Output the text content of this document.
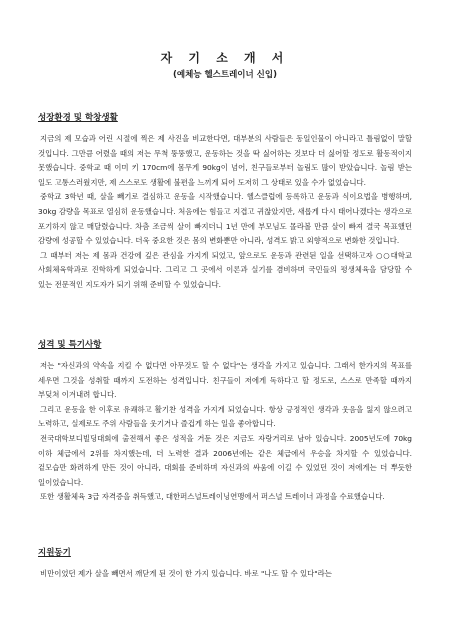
자 기 소 개 서
(예체능 헬스트레이너 신입)
성장환경 및 학창생활

지금의 제 모습과 어린 시절에 찍은 제 사진을 비교한다면, 대부분의 사람들은 동일인물이 아니라고 틀림없이 말할 것입니다. 그만큼 어렸을 때의 저는 무척 뚱뚱했고, 운동하는 것을 딱 싫어하는 것보다 더 싫어할 정도로 활동적이지 못했습니다. 중학교 때 이미 키 170cm에 몸무게 90kg이 넘어, 친구들로부터 놀림도 많이 받았습니다. 놀림 받는 일도 고통스러웠지만, 제 스스로도 생활에 불편을 느끼게 되어 도저히 그 상태로 있을 수가 없었습니다.

중학교 3학년 때, 살을 빼기로 결심하고 운동을 시작했습니다. 헬스클럽에 등록하고 운동과 식이요법을 병행하며, 30kg 감량을 목표로 열심히 운동했습니다. 처음에는 힘들고 지겹고 귀찮았지만, 새롭게 다시 태어나겠다는 생각으로 포기하지 않고 매달렸습니다. 차츰 조금씩 살이 빠지더니 1년 만에 부모님도 몰라볼 만큼 살이 빠져 결국 목표했던 감량에 성공할 수 있었습니다. 더욱 중요한 것은 몸의 변화뿐만 아니라, 성격도 밝고 외향적으로 변화한 것입니다.

그 때부터 저는 제 몸과 건강에 깊은 관심을 가지게 되었고, 앞으로도 운동과 관련된 일을 선택하고자 ○○대학교 사회체육학과로 진학하게 되었습니다. 그리고 그 곳에서 이론과 실기를 겸비하며 국민들의 평생체육을 담당할 수 있는 전문적인 지도자가 되기 위해 준비할 수 있었습니다.

성격 및 특기사항

저는 "자신과의 약속을 지킬 수 없다면 아무것도 할 수 없다"는 생각을 가지고 있습니다. 그래서 한가지의 목표를 세우면 그것을 성취할 때까지 도전하는 성격입니다. 친구들이 저에게 독하다고 할 정도로, 스스로 만족할 때까지 부딪쳐 이겨내려 합니다.

그리고 운동을 한 이후로 유쾌하고 활기찬 성격을 가지게 되었습니다. 항상 긍정적인 생각과 웃음을 잃지 않으려고 노력하고, 실제로도 주위 사람들을 웃기거나 즐겁게 하는 일을 좋아합니다.

전국대학보디빌딩대회에 출전해서 좋은 성적을 거둔 것은 지금도 자랑거리로 남아 있습니다. 2005년도에 70kg 이하 체급에서 2위를 차지했는데, 더 노력한 결과 2006년에는 같은 체급에서 우승을 차지할 수 있었습니다. 겉모습만 화려하게 만든 것이 아니라, 대회를 준비하며 자신과의 싸움에 이길 수 있었던 것이 저에게는 더 뿌듯한 일이었습니다.

또한 생활체육 3급 자격증을 취득했고, 대한퍼스널트레이닝연맹에서 퍼스널 트레이너 과정을 수료했습니다.

지원동기

비만이었던 제가 살을 빼면서 깨닫게 된 것이 한 가지 있습니다. 바로 "나도 할 수 있다"라는
